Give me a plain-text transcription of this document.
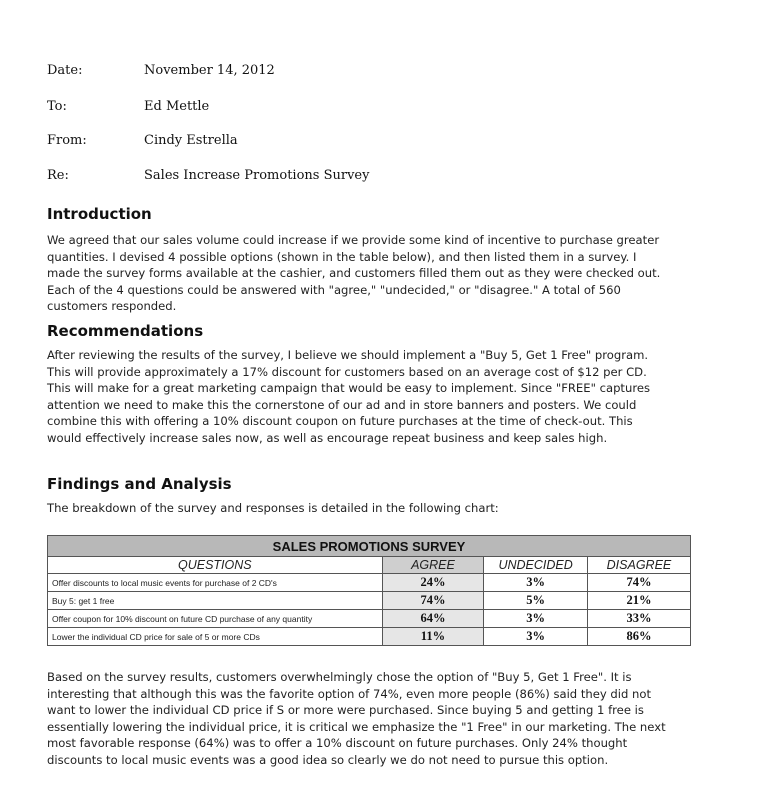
Date:	November 14, 2012
To:	Ed Mettle
From:	Cindy Estrella
Re:	Sales Increase Promotions Survey
Introduction
We agreed that our sales volume could increase if we provide some kind of incentive to purchase greater
quantities. I devised 4 possible options (shown in the table below), and then listed them in a survey. I
made the survey forms available at the cashier, and customers filled them out as they were checked out.
Each of the 4 questions could be answered with "agree," "undecided," or "disagree." A total of 560
customers responded.
Recommendations
After reviewing the results of the survey, I believe we should implement a "Buy 5, Get 1 Free" program.
This will provide approximately a 17% discount for customers based on an average cost of $12 per CD.
This will make for a great marketing campaign that would be easy to implement. Since "FREE" captures
attention we need to make this the cornerstone of our ad and in store banners and posters. We could
combine this with offering a 10% discount coupon on future purchases at the time of check-out. This
would effectively increase sales now, as well as encourage repeat business and keep sales high.
Findings and Analysis
The breakdown of the survey and responses is detailed in the following chart:
SALES PROMOTIONS SURVEY			
QUESTIONS	AGREE	UNDECIDED	DISAGREE
Offer discounts to local music events for purchase of 2 CD's	24%	3%	74%
Buy 5: get 1 free	74%	5%	21%
Offer coupon for 10% discount on future CD purchase of any quantity	64%	3%	33%
Lower the individual CD price for sale of 5 or more CDs	11%	3%	86%
Based on the survey results, customers overwhelmingly chose the option of "Buy 5, Get 1 Free". It is
interesting that although this was the favorite option of 74%, even more people (86%) said they did not
want to lower the individual CD price if S or more were purchased. Since buying 5 and getting 1 free is
essentially lowering the individual price, it is critical we emphasize the "1 Free" in our marketing. The next
most favorable response (64%) was to offer a 10% discount on future purchases. Only 24% thought
discounts to local music events was a good idea so clearly we do not need to pursue this option.
